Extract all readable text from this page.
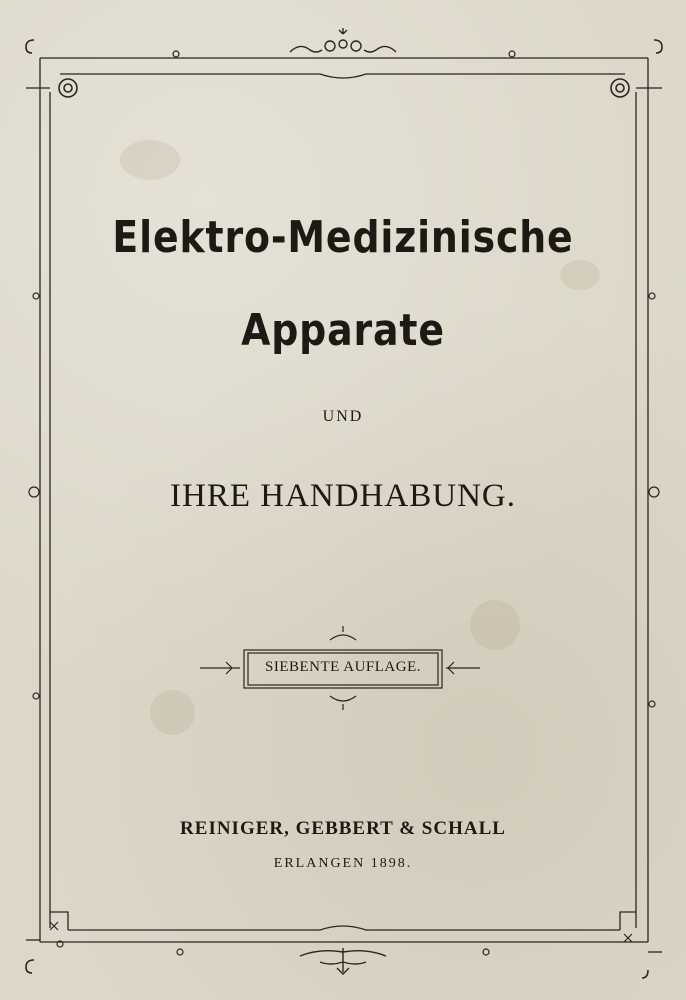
Elektro-Medizinische
Apparate
UND
IHRE HANDHABUNG.
SIEBENTE AUFLAGE.
REINIGER, GEBBERT & SCHALL
ERLANGEN 1898.
